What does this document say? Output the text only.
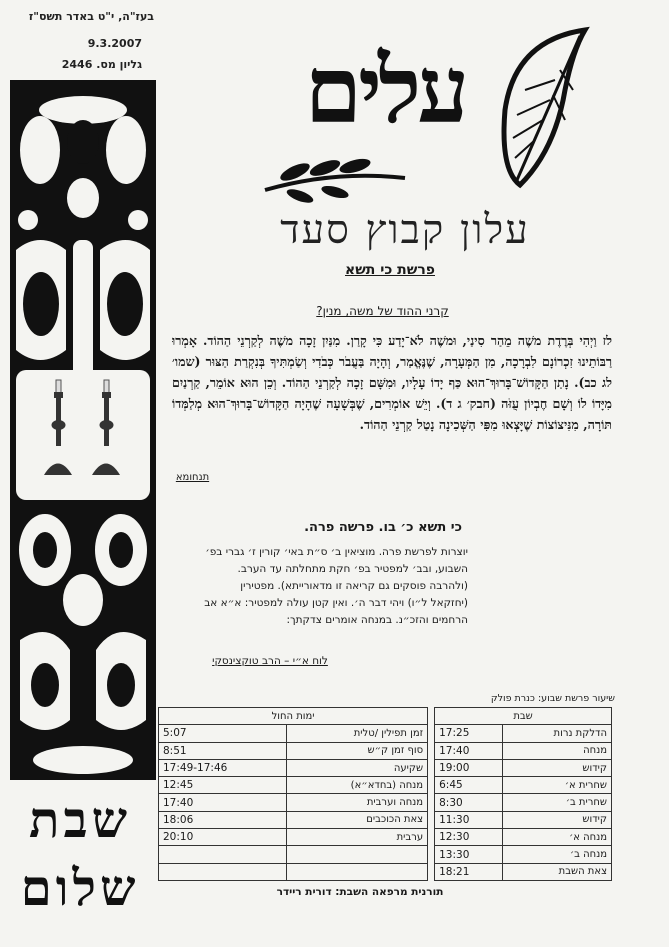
בעז"ה, י"ט באדר תשס"ז
9.3.2007
גליון מס. 2446
שבת
שלום
עלים
עלון קבוץ סעד
פרשת כי תשא
קרני ההוד של משה, מנין?
לז וַיְהִי בְּרֶדֶת משֶׁה מֵהַר סִינַי, וּמשֶׁה לֹא־יָדַע כִּי קָרַן. מִנַּיִן זָכָה משֶׁה לְקַרְנֵי הַהוֹד. אָמְרוּ רַבּוֹתֵינוּ זִכְרוֹנָם לִבְרָכָה, מִן הַמְּעָרָה, שֶׁנֶּאֱמַר, וְהָיָה בַּעֲבֹר כְּבֹדִי וְשַׂמְתִּיךָ בְּנִקְרַת הַצּוּר (שמו׳ לג כב). נָתַן הַקָּדוֹשׁ־בָּרוּךְ־הוּא כַּף יָדוֹ עָלָיו, וּמִשָּׁם זָכָה לְקַרְנֵי הַהוֹד. וְכֵן הוּא אוֹמֵר, קַרְנַיִם מִיָּדוֹ לוֹ וְשָׁם חֶבְיוֹן עֻזֹּה (חבק׳ ג ד). וְיֵשׁ אוֹמְרִים, שֶׁבְּשָׁעָה שֶׁהָיָה הַקָּדוֹשׁ־בָּרוּךְ־הוּא מְלַמְּדוֹ תּוֹרָה, מִנִּיצוֹצוֹת שֶׁיָּצְאוּ מִפִּי הַשְּׁכִינָה נָטַל קַרְנֵי הַהוֹד.
תנחומא
כי תשא כ׳ בו. פרשה פרה.
יוצרות לפרשת פרה. מוציאין ב׳ ס״ת באי׳ קורין ז׳ גברי בפ׳ השבוע, ובב׳ למפטיר בפ׳ חקת מתחלתה עד הערב. (ולהרבה פוסקים גם קריאה זו מדאורייתא). מפטירין (יחזקאל ל״ו) ויהי דבר ה׳. ואין קטן עולה למפטיר: א״א אב הרחמים והזכ״נ. במנחה אומרים צדקתך:
לוח א״י – הרב טוקצינסקי
שיעור פרשת שבוע: כנרת פולק
שבת			ימות החול	
הדלקת נרות	17:25		זמן תפילין /טלית	5:07
מנחה	17:40		סוף זמן ק״ש	8:51
קידוש	19:00		שקיעה	17:49-17:46
שחרית א׳	6:45		מנחה (בחדא״א)	12:45
שחרית ב׳	8:30		מנחה וערבית	17:40
קידוש	11:30		צאת הכוכבים	18:06
מנחה א׳	12:30		ערבית	20:10
מנחה ב׳	13:30			
צאת השבת	18:21			
תורנית מרפאה השבת: דורית ריידר
